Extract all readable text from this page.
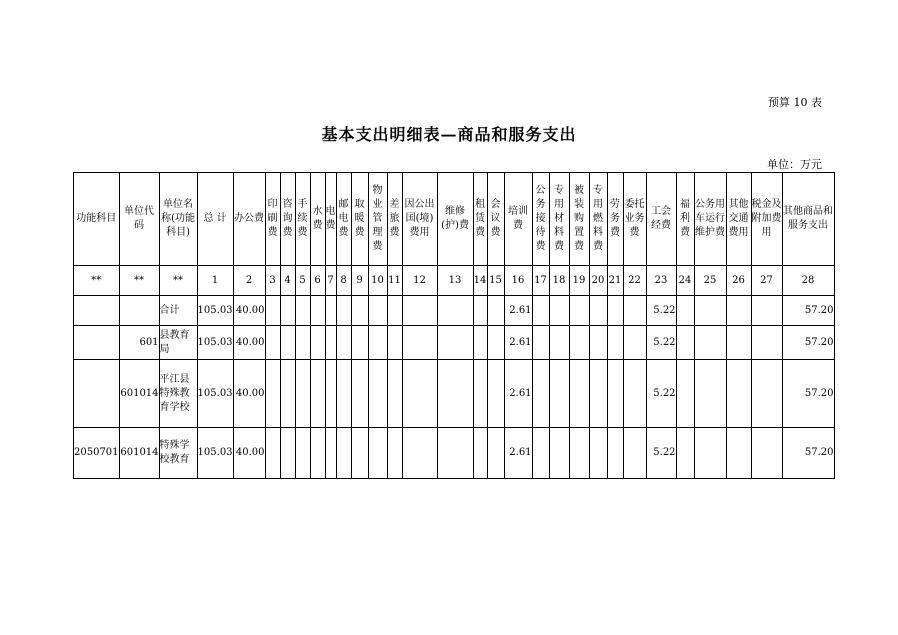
预算 10 表
基本支出明细表—商品和服务支出
单位：万元
功能科目	单位代码	单位名称(功能科目)	总 计	办公费	印刷费	咨询费	手续费	水费	电费	邮电费	取暖费	物业管理费	差旅费	因公出国(境)费用	维修(护)费	租赁费	会议费	培训费	公务接待费	专用材料费	被装购置费	专用燃料费	劳务费	委托业务费	工会经费	福利费	公务用车运行维护费	其他交通费用	税金及附加费用	其他商品和服务支出
**	**	**	1	2	3	4	5	6	7	8	9	10	11	12	13	14	15	16	17	18	19	20	21	22	23	24	25	26	27	28
		合计	105.03	40.00														2.61							5.22					57.20
	601	县教育局	105.03	40.00														2.61							5.22					57.20
	601014	平江县特殊教育学校	105.03	40.00														2.61							5.22					57.20
2050701	601014	特殊学校教育	105.03	40.00														2.61							5.22					57.20
